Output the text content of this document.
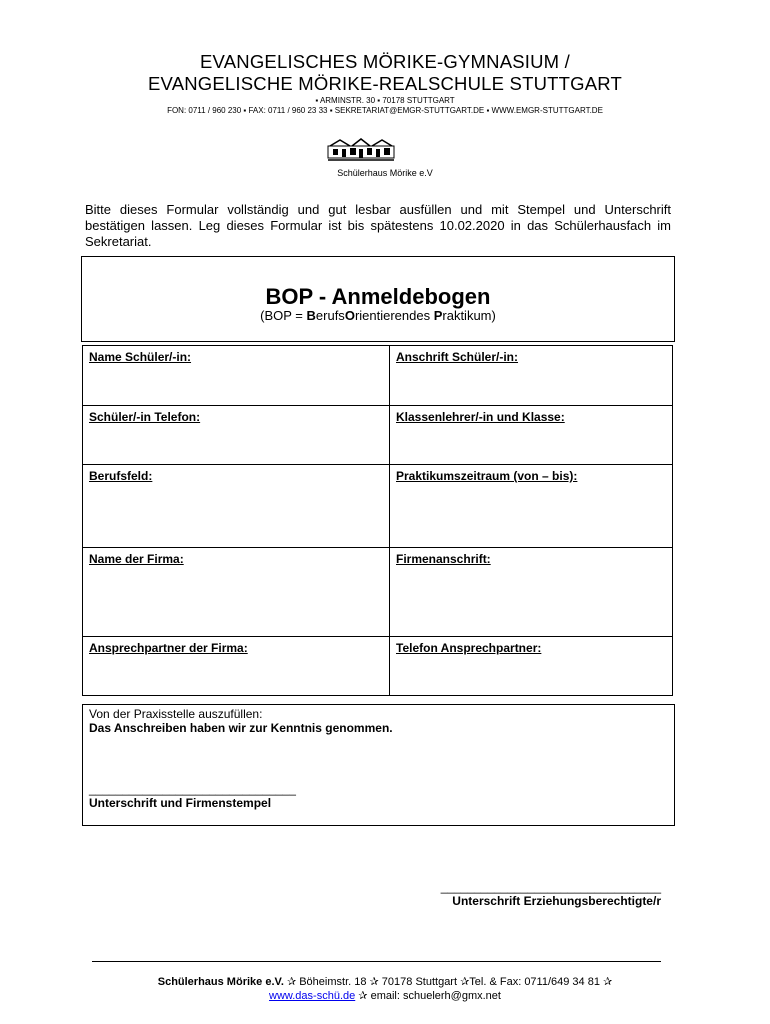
EVANGELISCHES MÖRIKE-GYMNASIUM /
EVANGELISCHE MÖRIKE-REALSCHULE STUTTGART
▪ ARMINSTR. 30 ▪ 70178 STUTTGART
FON: 0711 / 960 230 ▪ FAX: 0711 / 960 23 33 ▪ SEKRETARIAT@EMGR-STUTTGART.DE ▪ WWW.EMGR-STUTTGART.DE
Schülerhaus Mörike e.V
Bitte dieses Formular vollständig und gut lesbar ausfüllen und mit Stempel und Unterschrift bestätigen lassen. Leg dieses Formular ist bis spätestens 10.02.2020 in das Schülerhausfach im Sekretariat.
BOP - Anmeldebogen
(BOP = BerufsOrientierendes Praktikum)
Name Schüler/-in:	Anschrift Schüler/-in:
Schüler/-in Telefon:	Klassenlehrer/-in und Klasse:
Berufsfeld:	Praktikumszeitraum (von – bis):
Name der Firma:	Firmenanschrift:
Ansprechpartner der Firma:	Telefon Ansprechpartner:
Von der Praxisstelle auszufüllen:
Das Anschreiben haben wir zur Kenntnis genommen.
_______________________________
Unterschrift und Firmenstempel
_________________________________
Unterschrift Erziehungsberechtigte/r
Schülerhaus Mörike e.V. ✰ Böheimstr. 18 ✰ 70178 Stuttgart ✰Tel. & Fax: 0711/649 34 81 ✰
www.das-schü.de ✰ email: schuelerh@gmx.net
